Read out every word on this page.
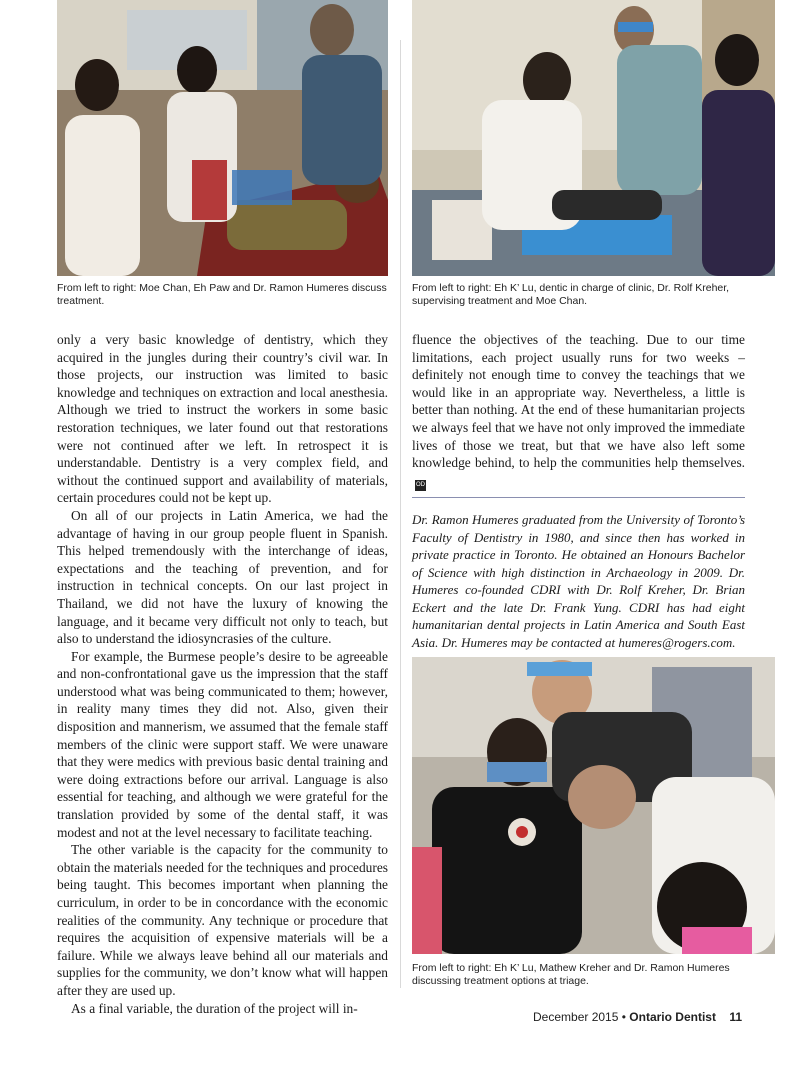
From left to right: Moe Chan, Eh Paw and Dr. Ramon Humeres discuss treatment.
From left to right: Eh K’ Lu, dentic in charge of clinic, Dr. Rolf Kreher, supervising treatment and Moe Chan.
From left to right: Eh K’ Lu, Mathew Kreher and Dr. Ramon Humeres discussing treatment options at triage.

only a very basic knowledge of dentistry, which they acquired in the jungles during their country’s civil war. In those projects, our instruction was limited to basic knowledge and techniques on extraction and local anesthesia. Although we tried to instruct the workers in some basic restoration techniques, we later found out that restorations were not continued after we left. In retrospect it is understandable. Dentistry is a very complex field, and without the continued support and availability of materials, certain procedures could not be kept up.

On all of our projects in Latin America, we had the advantage of having in our group people fluent in Spanish. This helped tremendously with the interchange of ideas, expectations and the teaching of prevention, and for instruction in technical concepts. On our last project in Thailand, we did not have the luxury of knowing the language, and it became very difficult not only to teach, but also to understand the idiosyncrasies of the culture.

For example, the Burmese people’s desire to be agreeable and non-confrontational gave us the impression that the staff understood what was being communicated to them; however, in reality many times they did not. Also, given their disposition and mannerism, we assumed that the female staff members of the clinic were support staff. We were unaware that they were medics with previous basic dental training and were doing extractions before our arrival. Language is also essential for teaching, and although we were grateful for the translation provided by some of the dental staff, it was modest and not at the level necessary to facilitate teaching.

The other variable is the capacity for the community to obtain the materials needed for the techniques and procedures being taught. This becomes important when planning the curriculum, in order to be in concordance with the economic realities of the community. Any technique or procedure that requires the acquisition of expensive materials will be a failure. While we always leave behind all our materials and supplies for the community, we don’t know what will happen after they are used up.

As a final variable, the duration of the project will in-

fluence the objectives of the teaching. Due to our time limitations, each project usually runs for two weeks – definitely not enough time to convey the teachings that we would like in an appropriate way. Nevertheless, a little is better than nothing. At the end of these humanitarian projects we always feel that we have not only improved the immediate lives of those we treat, but that we have also left some knowledge behind, to help the communities help themselves.OD

Dr. Ramon Humeres graduated from the University of Toronto’s Faculty of Dentistry in 1980, and since then has worked in private practice in Toronto. He obtained an Honours Bachelor of Science with high distinction in Archaeology in 2009. Dr. Humeres co-founded CDRI with Dr. Rolf Kreher, Dr. Brian Eckert and the late Dr. Frank Yung. CDRI has had eight humanitarian dental projects in Latin America and South East Asia. Dr. Humeres may be contacted at humeres@rogers.com.
December 2015 • Ontario Dentist 11
